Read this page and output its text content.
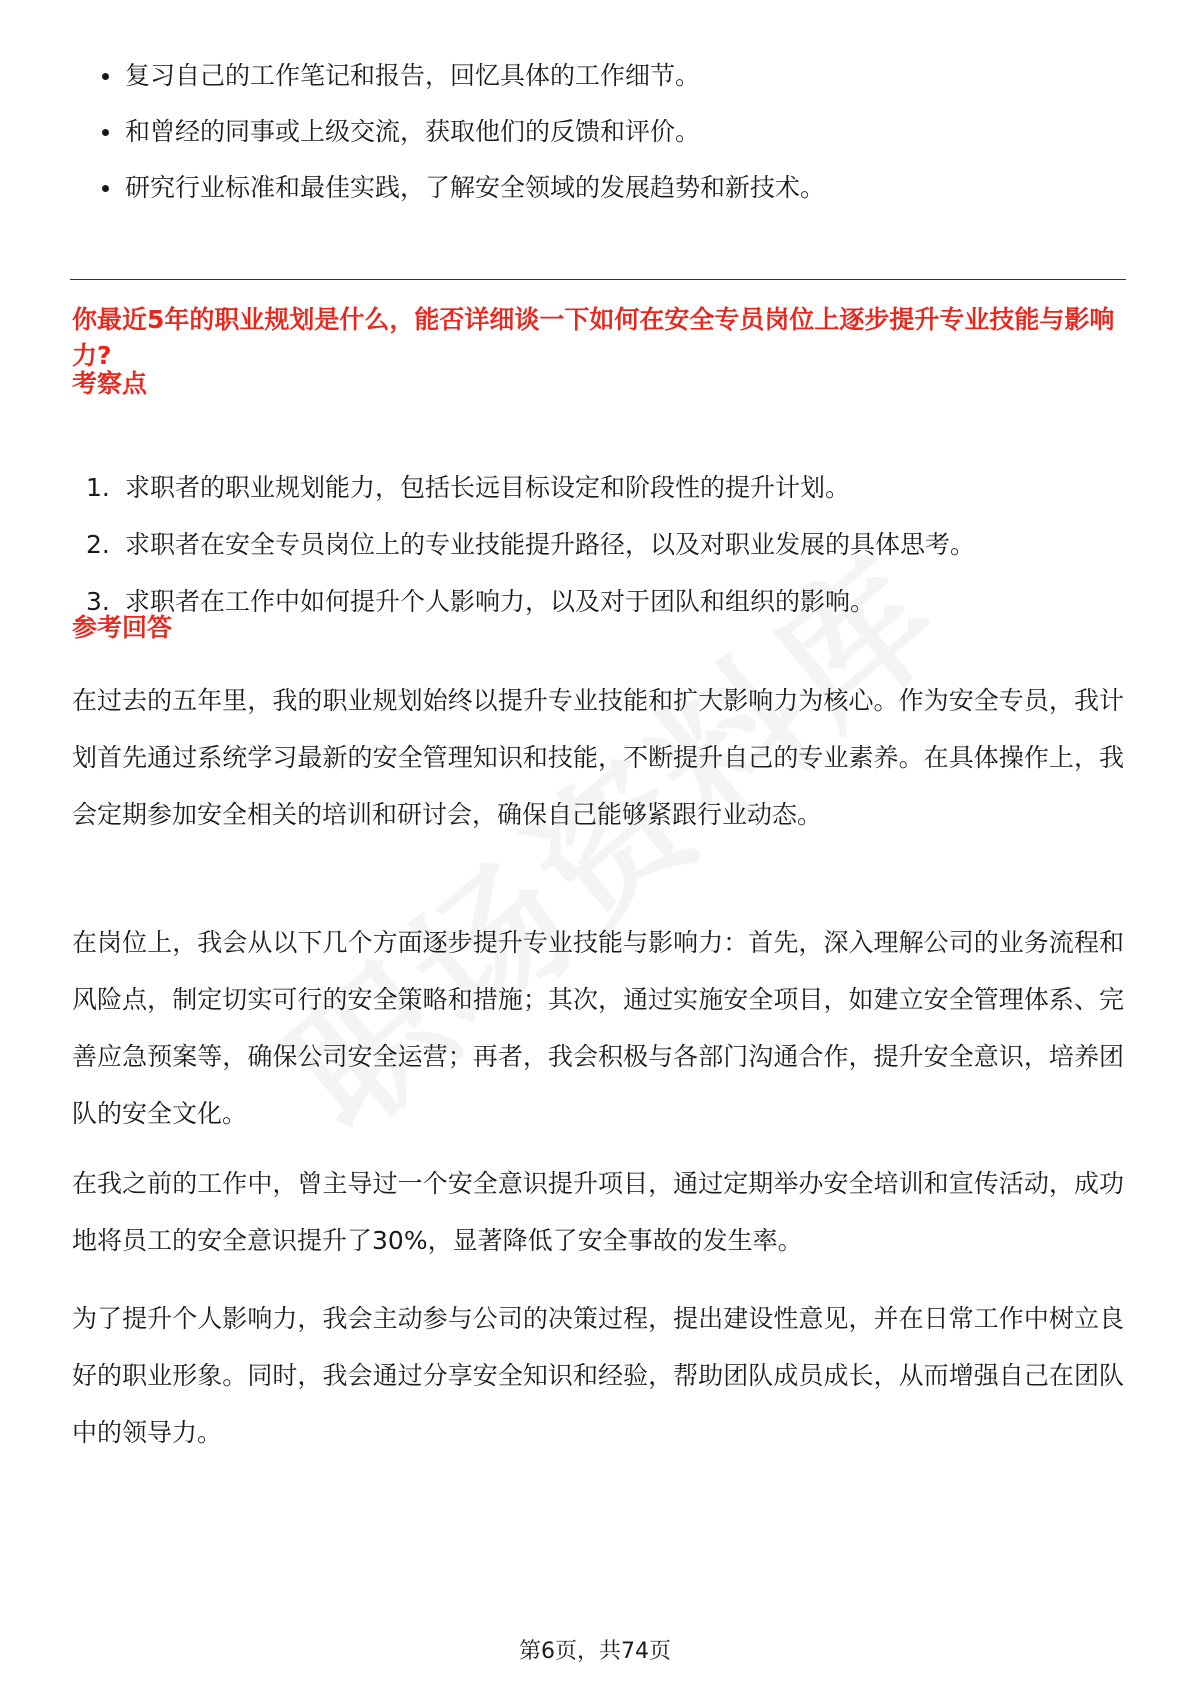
复习自己的工作笔记和报告，回忆具体的工作细节。
和曾经的同事或上级交流，获取他们的反馈和评价。
研究行业标准和最佳实践，了解安全领域的发展趋势和新技术。
你最近5年的职业规划是什么，能否详细谈一下如何在安全专员岗位上逐步提升专业技能与影响力?
考察点
1. 求职者的职业规划能力，包括长远目标设定和阶段性的提升计划。
2. 求职者在安全专员岗位上的专业技能提升路径，以及对职业发展的具体思考。
3. 求职者在工作中如何提升个人影响力，以及对于团队和组织的影响。
参考回答

在过去的五年里，我的职业规划始终以提升专业技能和扩大影响力为核心。作为安全专员，我计划首先通过系统学习最新的安全管理知识和技能，不断提升自己的专业素养。在具体操作上，我会定期参加安全相关的培训和研讨会，确保自己能够紧跟行业动态。

在岗位上，我会从以下几个方面逐步提升专业技能与影响力：首先，深入理解公司的业务流程和风险点，制定切实可行的安全策略和措施；其次，通过实施安全项目，如建立安全管理体系、完善应急预案等，确保公司安全运营；再者，我会积极与各部门沟通合作，提升安全意识，培养团队的安全文化。

在我之前的工作中，曾主导过一个安全意识提升项目，通过定期举办安全培训和宣传活动，成功地将员工的安全意识提升了30%，显著降低了安全事故的发生率。

为了提升个人影响力，我会主动参与公司的决策过程，提出建设性意见，并在日常工作中树立良好的职业形象。同时，我会通过分享安全知识和经验，帮助团队成员成长，从而增强自己在团队中的领导力。

第6页，共74页
